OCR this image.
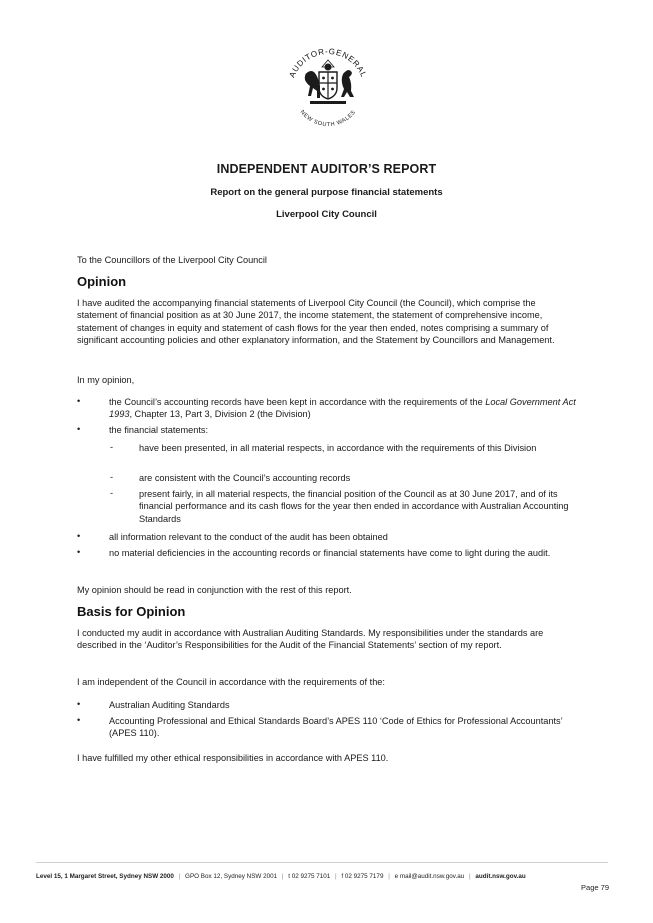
AUDITOR-GENERAL
NEW SOUTH WALES
INDEPENDENT AUDITOR’S REPORT
Report on the general purpose financial statements
Liverpool City Council
To the Councillors of the Liverpool City Council
Opinion
I have audited the accompanying financial statements of Liverpool City Council (the Council), which comprise the statement of financial position as at 30 June 2017, the income statement, the statement of comprehensive income, statement of changes in equity and statement of cash flows for the year then ended, notes comprising a summary of significant accounting policies and other explanatory information, and the Statement by Councillors and Management.
In my opinion,
•	the Council’s accounting records have been kept in accordance with the requirements of the Local Government Act 1993, Chapter 13, Part 3, Division 2 (the Division)
•	the financial statements:
-	have been presented, in all material respects, in accordance with the requirements of this Division
-	are consistent with the Council’s accounting records
-	present fairly, in all material respects, the financial position of the Council as at 30 June 2017, and of its financial performance and its cash flows for the year then ended in accordance with Australian Accounting Standards
•	all information relevant to the conduct of the audit has been obtained
•	no material deficiencies in the accounting records or financial statements have come to light during the audit.
My opinion should be read in conjunction with the rest of this report.
Basis for Opinion
I conducted my audit in accordance with Australian Auditing Standards. My responsibilities under the standards are described in the ‘Auditor’s Responsibilities for the Audit of the Financial Statements’ section of my report.
I am independent of the Council in accordance with the requirements of the:
•	Australian Auditing Standards
•	Accounting Professional and Ethical Standards Board’s APES 110 ‘Code of Ethics for Professional Accountants’ (APES 110).
I have fulfilled my other ethical responsibilities in accordance with APES 110.
Level 15, 1 Margaret Street, Sydney NSW 2000 | GPO Box 12, Sydney NSW 2001 | t 02 9275 7101 | f 02 9275 7179 | e mail@audit.nsw.gov.au | audit.nsw.gov.au
Page 79
